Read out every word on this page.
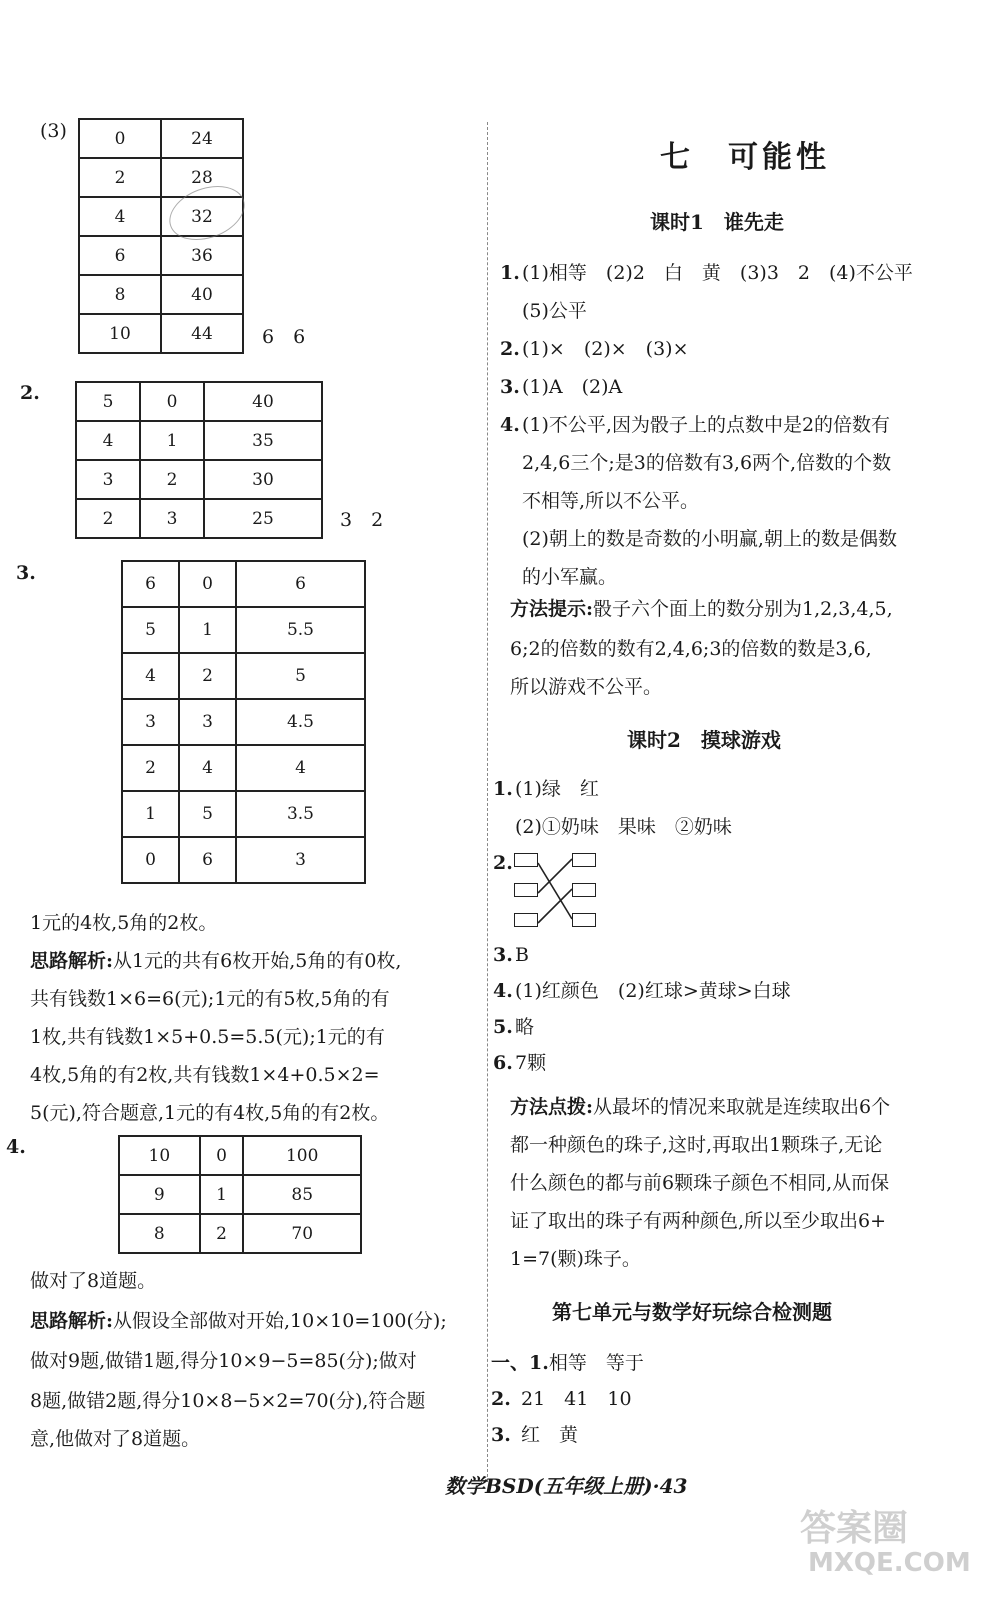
(3)	0	24
2	28
4	32
6	36
8	40
10	44	6　6
2.	5	0	40
4	1	35
3	2	30
2	3	25	3　2
3.	6	0	6
5	1	5.5
4	2	5
3	3	4.5
2	4	4
1	5	3.5
0	6	3
1元的4枚,5角的2枚。
思路解析:从1元的共有6枚开始,5角的有0枚,
共有钱数1×6=6(元);1元的有5枚,5角的有
1枚,共有钱数1×5+0.5=5.5(元);1元的有
4枚,5角的有2枚,共有钱数1×4+0.5×2=
5(元),符合题意,1元的有4枚,5角的有2枚。
4.	10	0	100
9	1	85
8	2	70
做对了8道题。
思路解析:从假设全部做对开始,10×10=100(分);
做对9题,做错1题,得分10×9−5=85(分);做对
8题,做错2题,得分10×8−5×2=70(分),符合题
意,他做对了8道题。
七　可能性
课时1　谁先走
1. (1)相等　(2)2　白　黄　(3)3　2　(4)不公平
(5)公平
2. (1)×　(2)×　(3)×
3. (1)A　(2)A
4. (1)不公平,因为骰子上的点数中是2的倍数有
2,4,6三个;是3的倍数有3,6两个,倍数的个数
不相等,所以不公平。
(2)朝上的数是奇数的小明赢,朝上的数是偶数
的小军赢。
方法提示:骰子六个面上的数分别为1,2,3,4,5,
6;2的倍数的数有2,4,6;3的倍数的数是3,6,
所以游戏不公平。
课时2　摸球游戏
1. (1)绿　红
(2)①奶味　果味　②奶味
2.
3. B
4. (1)红颜色　(2)红球>黄球>白球
5. 略
6. 7颗
方法点拨:从最坏的情况来取就是连续取出6个
都一种颜色的珠子,这时,再取出1颗珠子,无论
什么颜色的都与前6颗珠子颜色不相同,从而保
证了取出的珠子有两种颜色,所以至少取出6+
1=7(颗)珠子。
第七单元与数学好玩综合检测题
一、1.相等　等于
2. 21　41　10
3. 红　黄
数学BSD(五年级上册)·43
答案圈
MXQE.COM
